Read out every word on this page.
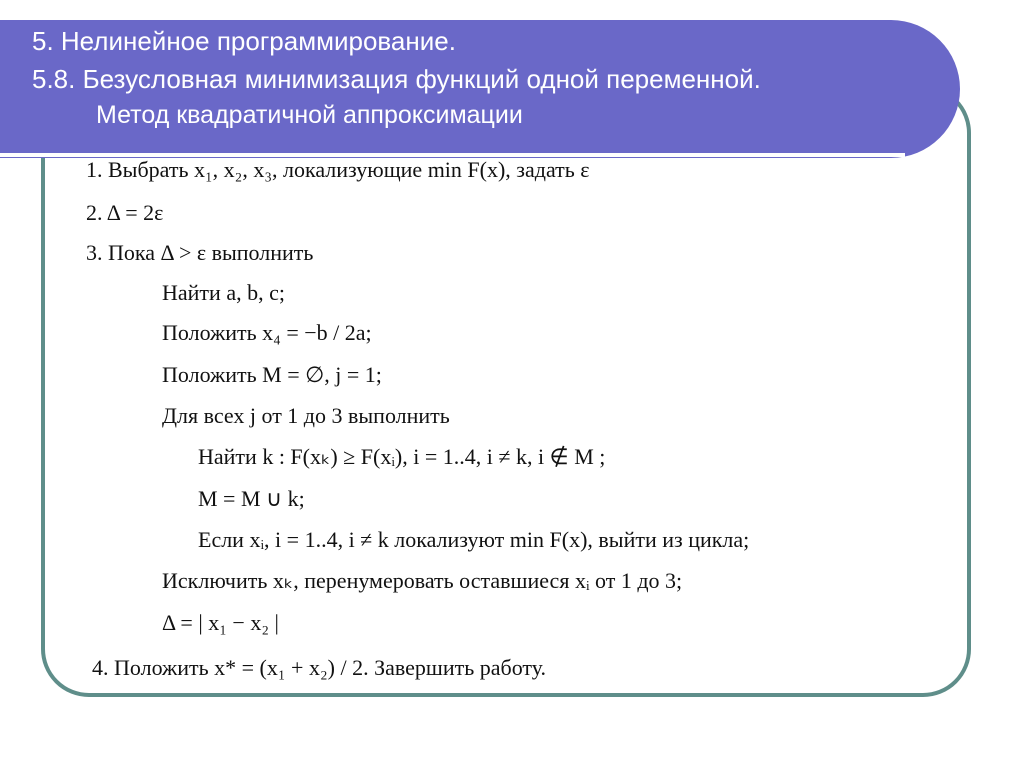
5. Нелинейное программирование.
5.8. Безусловная минимизация функций одной переменной.
Метод квадратичной аппроксимации
1. Выбрать x₁, x₂, x₃, локализующие min F(x), задать ε
2. Δ = 2ε
3. Пока Δ > ε выполнить
Найти a, b, c;
Положить x₄ = −b / 2a;
Положить M = ∅, j = 1;
Для всех j от 1 до 3 выполнить
Найти k : F(xₖ) ≥ F(xᵢ), i = 1..4, i ≠ k, i ∉ M ;
M = M ∪ k;
Если xᵢ, i = 1..4, i ≠ k локализуют min F(x), выйти из цикла;
Исключить xₖ, перенумеровать оставшиеся xᵢ от 1 до 3;
Δ = | x₁ − x₂ |
4. Положить x* = (x₁ + x₂) / 2. Завершить работу.
